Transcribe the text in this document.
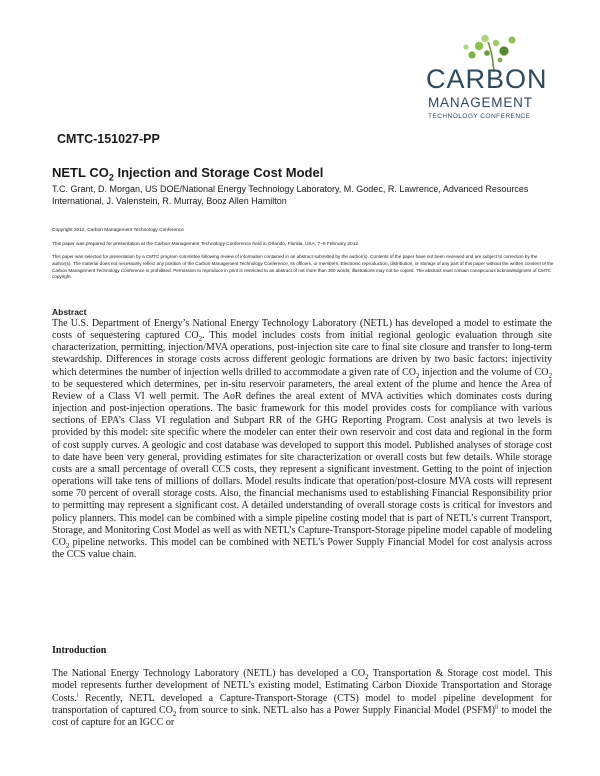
CARBON
MANAGEMENT
TECHNOLOGY CONFERENCE
CMTC-151027-PP
NETL $CO_2$ Injection and Storage Cost Model
T.C. Grant, D. Morgan, US DOE/National Energy Technology Laboratory, M. Godec, R. Lawrence, Advanced Resources International, J. Valenstein, R. Murray, Booz Allen Hamilton
Copyright 2012, Carbon Management Technology Conference
This paper was prepared for presentation at the Carbon Management Technology Conference held in Orlando, Florida, USA, 7–9 February 2012.
This paper was selected for presentation by a CMTC program committee following review of information contained in an abstract submitted by the author(s). Contents of the paper have not been reviewed and are subject to correction by the author(s). The material does not necessarily reflect any position of the Carbon Management Technology Conference, its officers, or members. Electronic reproduction, distribution, or storage of any part of this paper without the written consent of the Carbon Management Technology Conference is prohibited. Permission to reproduce in print is restricted to an abstract of not more than 300 words; illustrations may not be copied. The abstract must contain conspicuous acknowledgment of CMTC copyright.
Abstract
The U.S. Department of Energy’s National Energy Technology Laboratory (NETL) has developed a model to estimate the costs of sequestering captured $CO_2$. This model includes costs from initial regional geologic evaluation through site characterization, permitting, injection/MVA operations, post-injection site care to final site closure and transfer to long-term stewardship. Differences in storage costs across different geologic formations are driven by two basic factors: injectivity which determines the number of injection wells drilled to accommodate a given rate of $CO_2$ injection and the volume of $CO_2$ to be sequestered which determines, per in-situ reservoir parameters, the areal extent of the plume and hence the Area of Review of a Class VI well permit. The AoR defines the areal extent of MVA activities which dominates costs during injection and post-injection operations. The basic framework for this model provides costs for compliance with various sections of EPA’s Class VI regulation and Subpart RR of the GHG Reporting Program. Cost analysis at two levels is provided by this model: site specific where the modeler can enter their own reservoir and cost data and regional in the form of cost supply curves. A geologic and cost database was developed to support this model. Published analyses of storage cost to date have been very general, providing estimates for site characterization or overall costs but few details. While storage costs are a small percentage of overall CCS costs, they represent a significant investment. Getting to the point of injection operations will take tens of millions of dollars. Model results indicate that operation/post-closure MVA costs will represent some 70 percent of overall storage costs. Also, the financial mechanisms used to establishing Financial Responsibility prior to permitting may represent a significant cost. A detailed understanding of overall storage costs is critical for investors and policy planners. This model can be combined with a simple pipeline costing model that is part of NETL’s current Transport, Storage, and Monitoring Cost Model as well as with NETL’s Capture-Transport-Storage pipeline model capable of modeling $CO_2$ pipeline networks. This model can be combined with NETL’s Power Supply Financial Model for cost analysis across the CCS value chain.
Introduction
The National Energy Technology Laboratory (NETL) has developed a $CO_2$ Transportation & Storage cost model. This model represents further development of NETL’s existing model, Estimating Carbon Dioxide Transportation and Storage Costs.$^i$ Recently, NETL developed a Capture-Transport-Storage (CTS) model to model pipeline development for transportation of captured $CO_2$ from source to sink. NETL also has a Power Supply Financial Model (PSFM)$^{ii}$ to model the cost of capture for an IGCC or
